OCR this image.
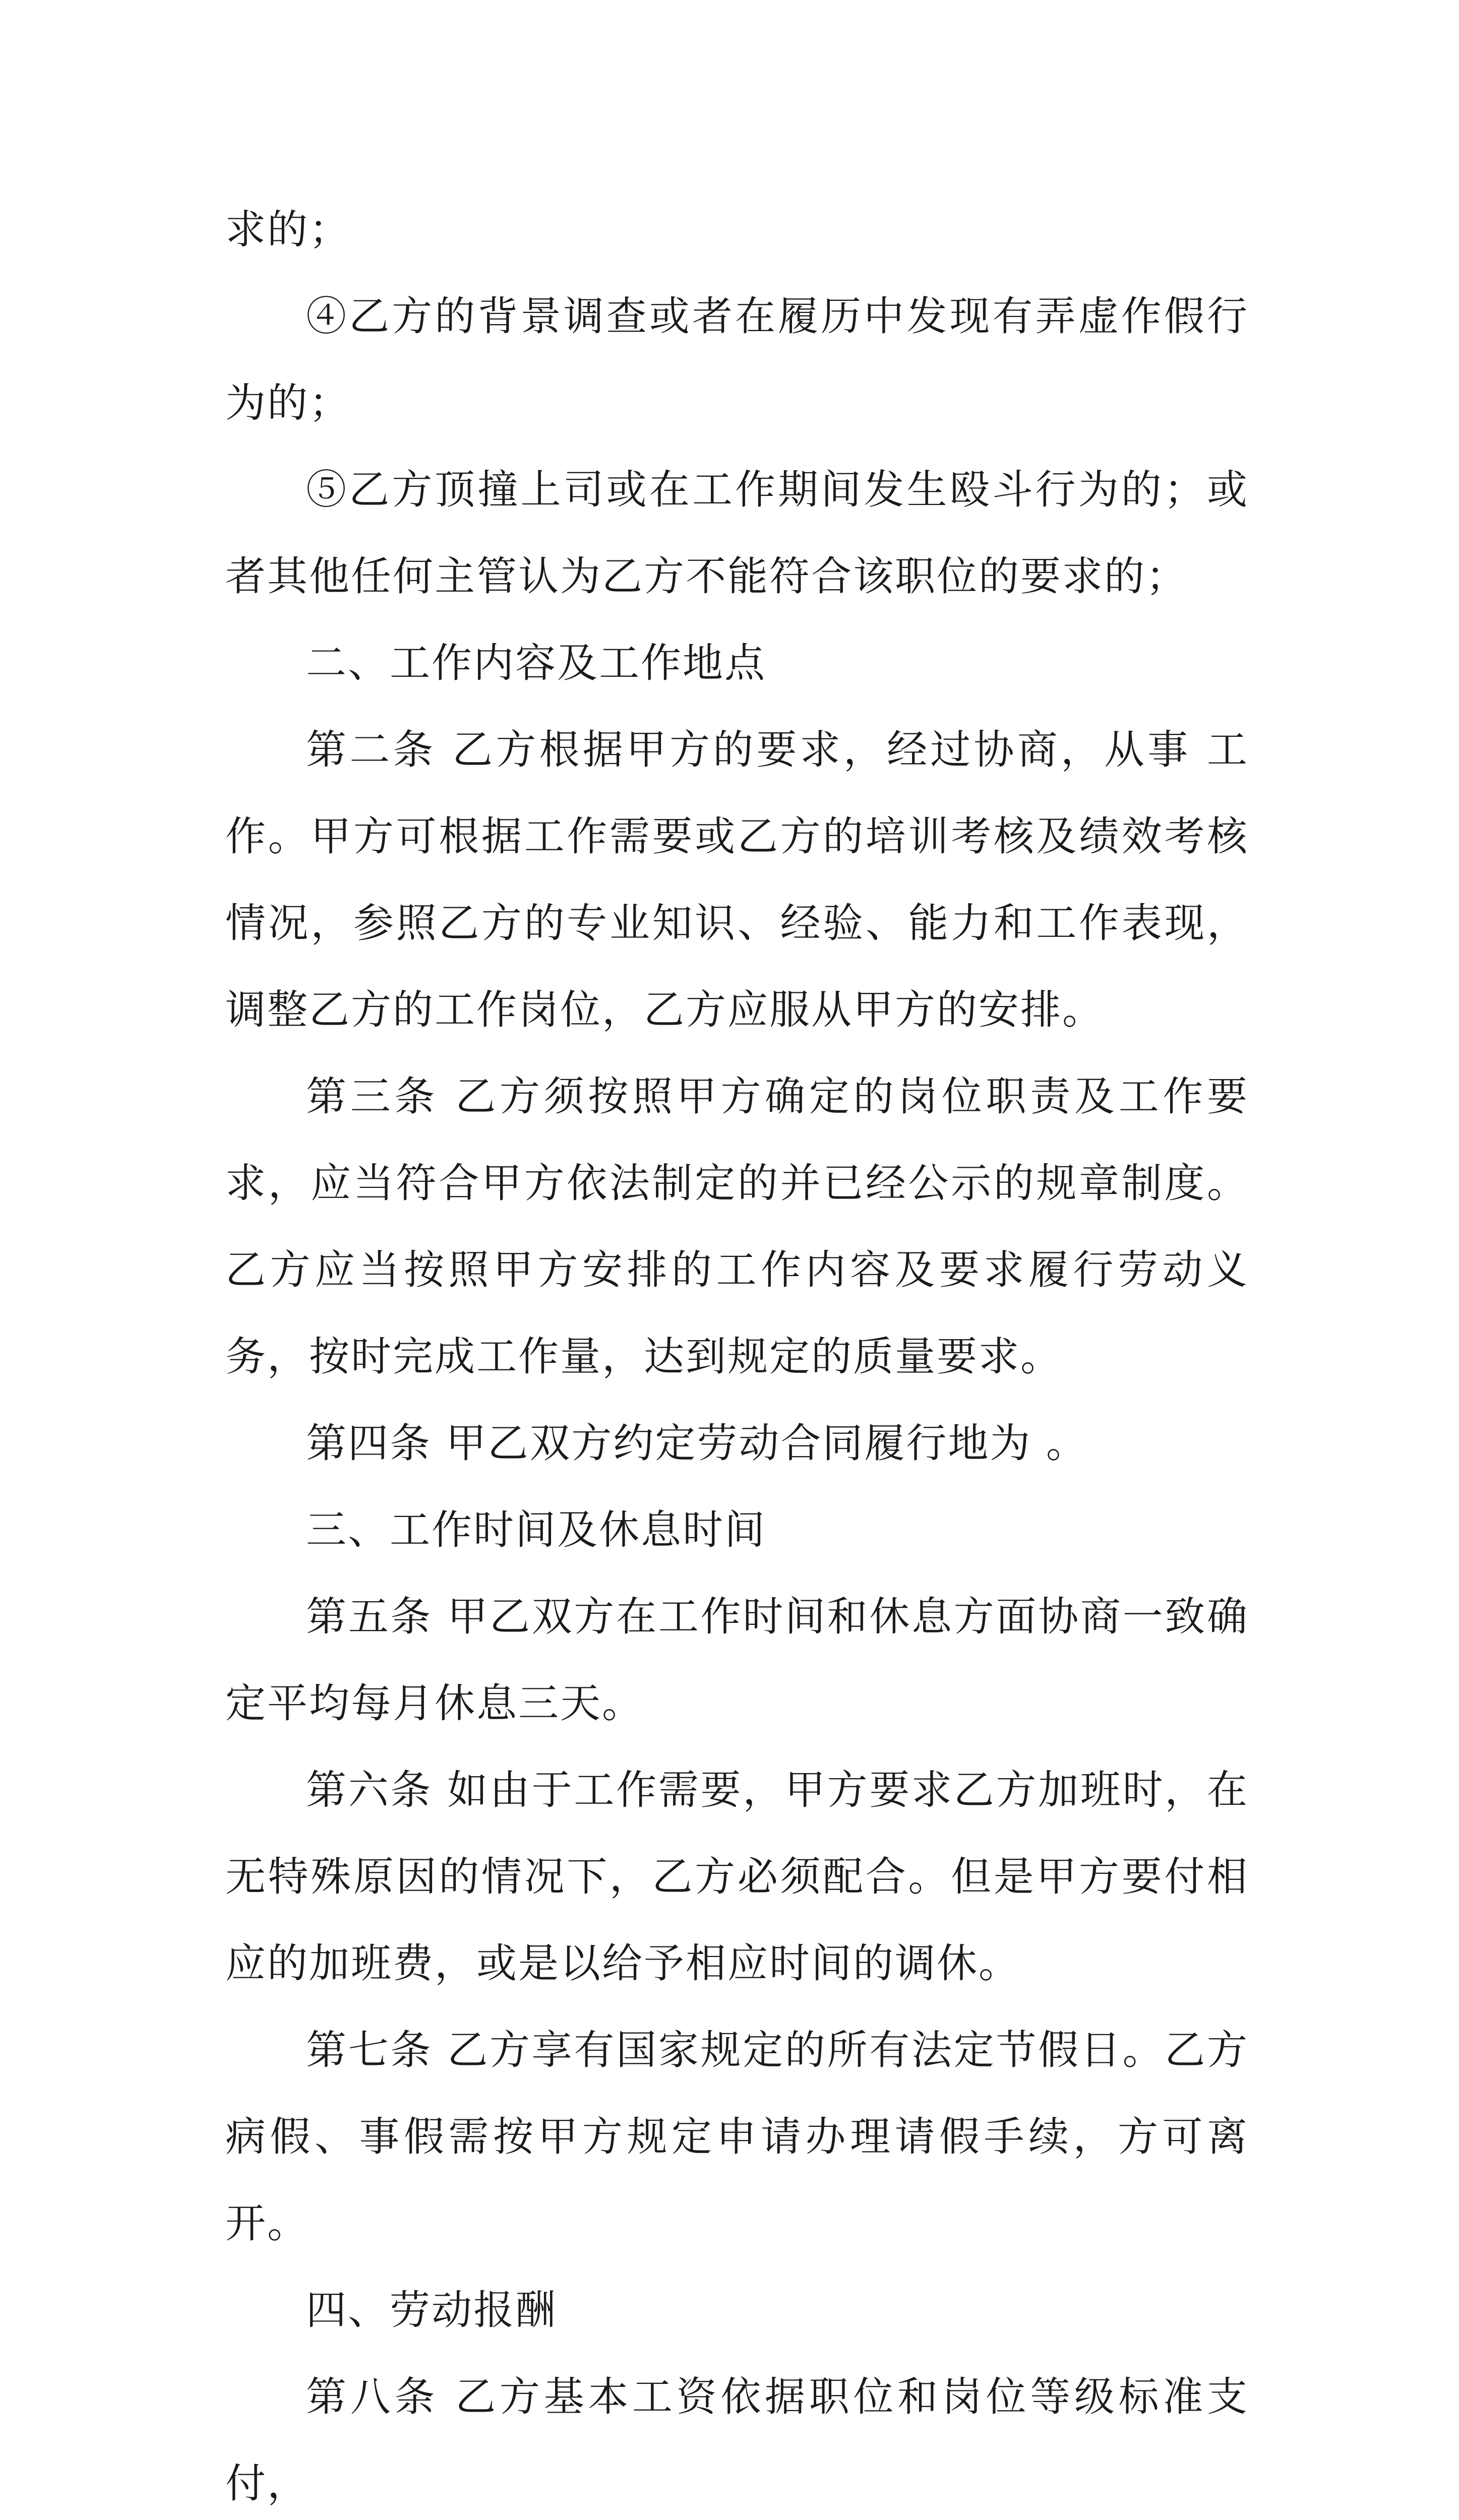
求的；

④乙方的背景调查或者在履历中发现有弄虚作假行为的；

⑤乙方顶撞上司或在工作期间发生殴斗行为的；或者其他任何主管认为乙方不能符合该职位的要求的；

二、工作内容及工作地点

第二条 乙方根据甲方的要求，经过协商，从事 工作。甲方可根据工作需要或乙方的培训考核及绩效考核情况，参照乙方的专业知识、经验、能力和工作表现，调整乙方的工作岗位，乙方应服从甲方的安排。

第三条 乙方须按照甲方确定的岗位职责及工作要求，应当符合甲方依法制定的并已经公示的规章制度。乙方应当按照甲方安排的工作内容及要求履行劳动义务，按时完成工作量，达到规定的质量要求。

第四条 甲乙双方约定劳动合同履行地为 。

三、工作时间及休息时间

第五条 甲乙双方在工作时间和休息方面协商一致确定平均每月休息三天。

第六条 如由于工作需要，甲方要求乙方加班时，在无特殊原因的情况下，乙方必须配合。但是甲方要付相应的加班费，或是以给予相应时间的调休。

第七条 乙方享有国家规定的所有法定节假日。乙方病假、事假需按甲方规定申请办理请假手续，方可离开。

四、劳动报酬

第八条 乙方基本工资依据职位和岗位等级标准支付，
